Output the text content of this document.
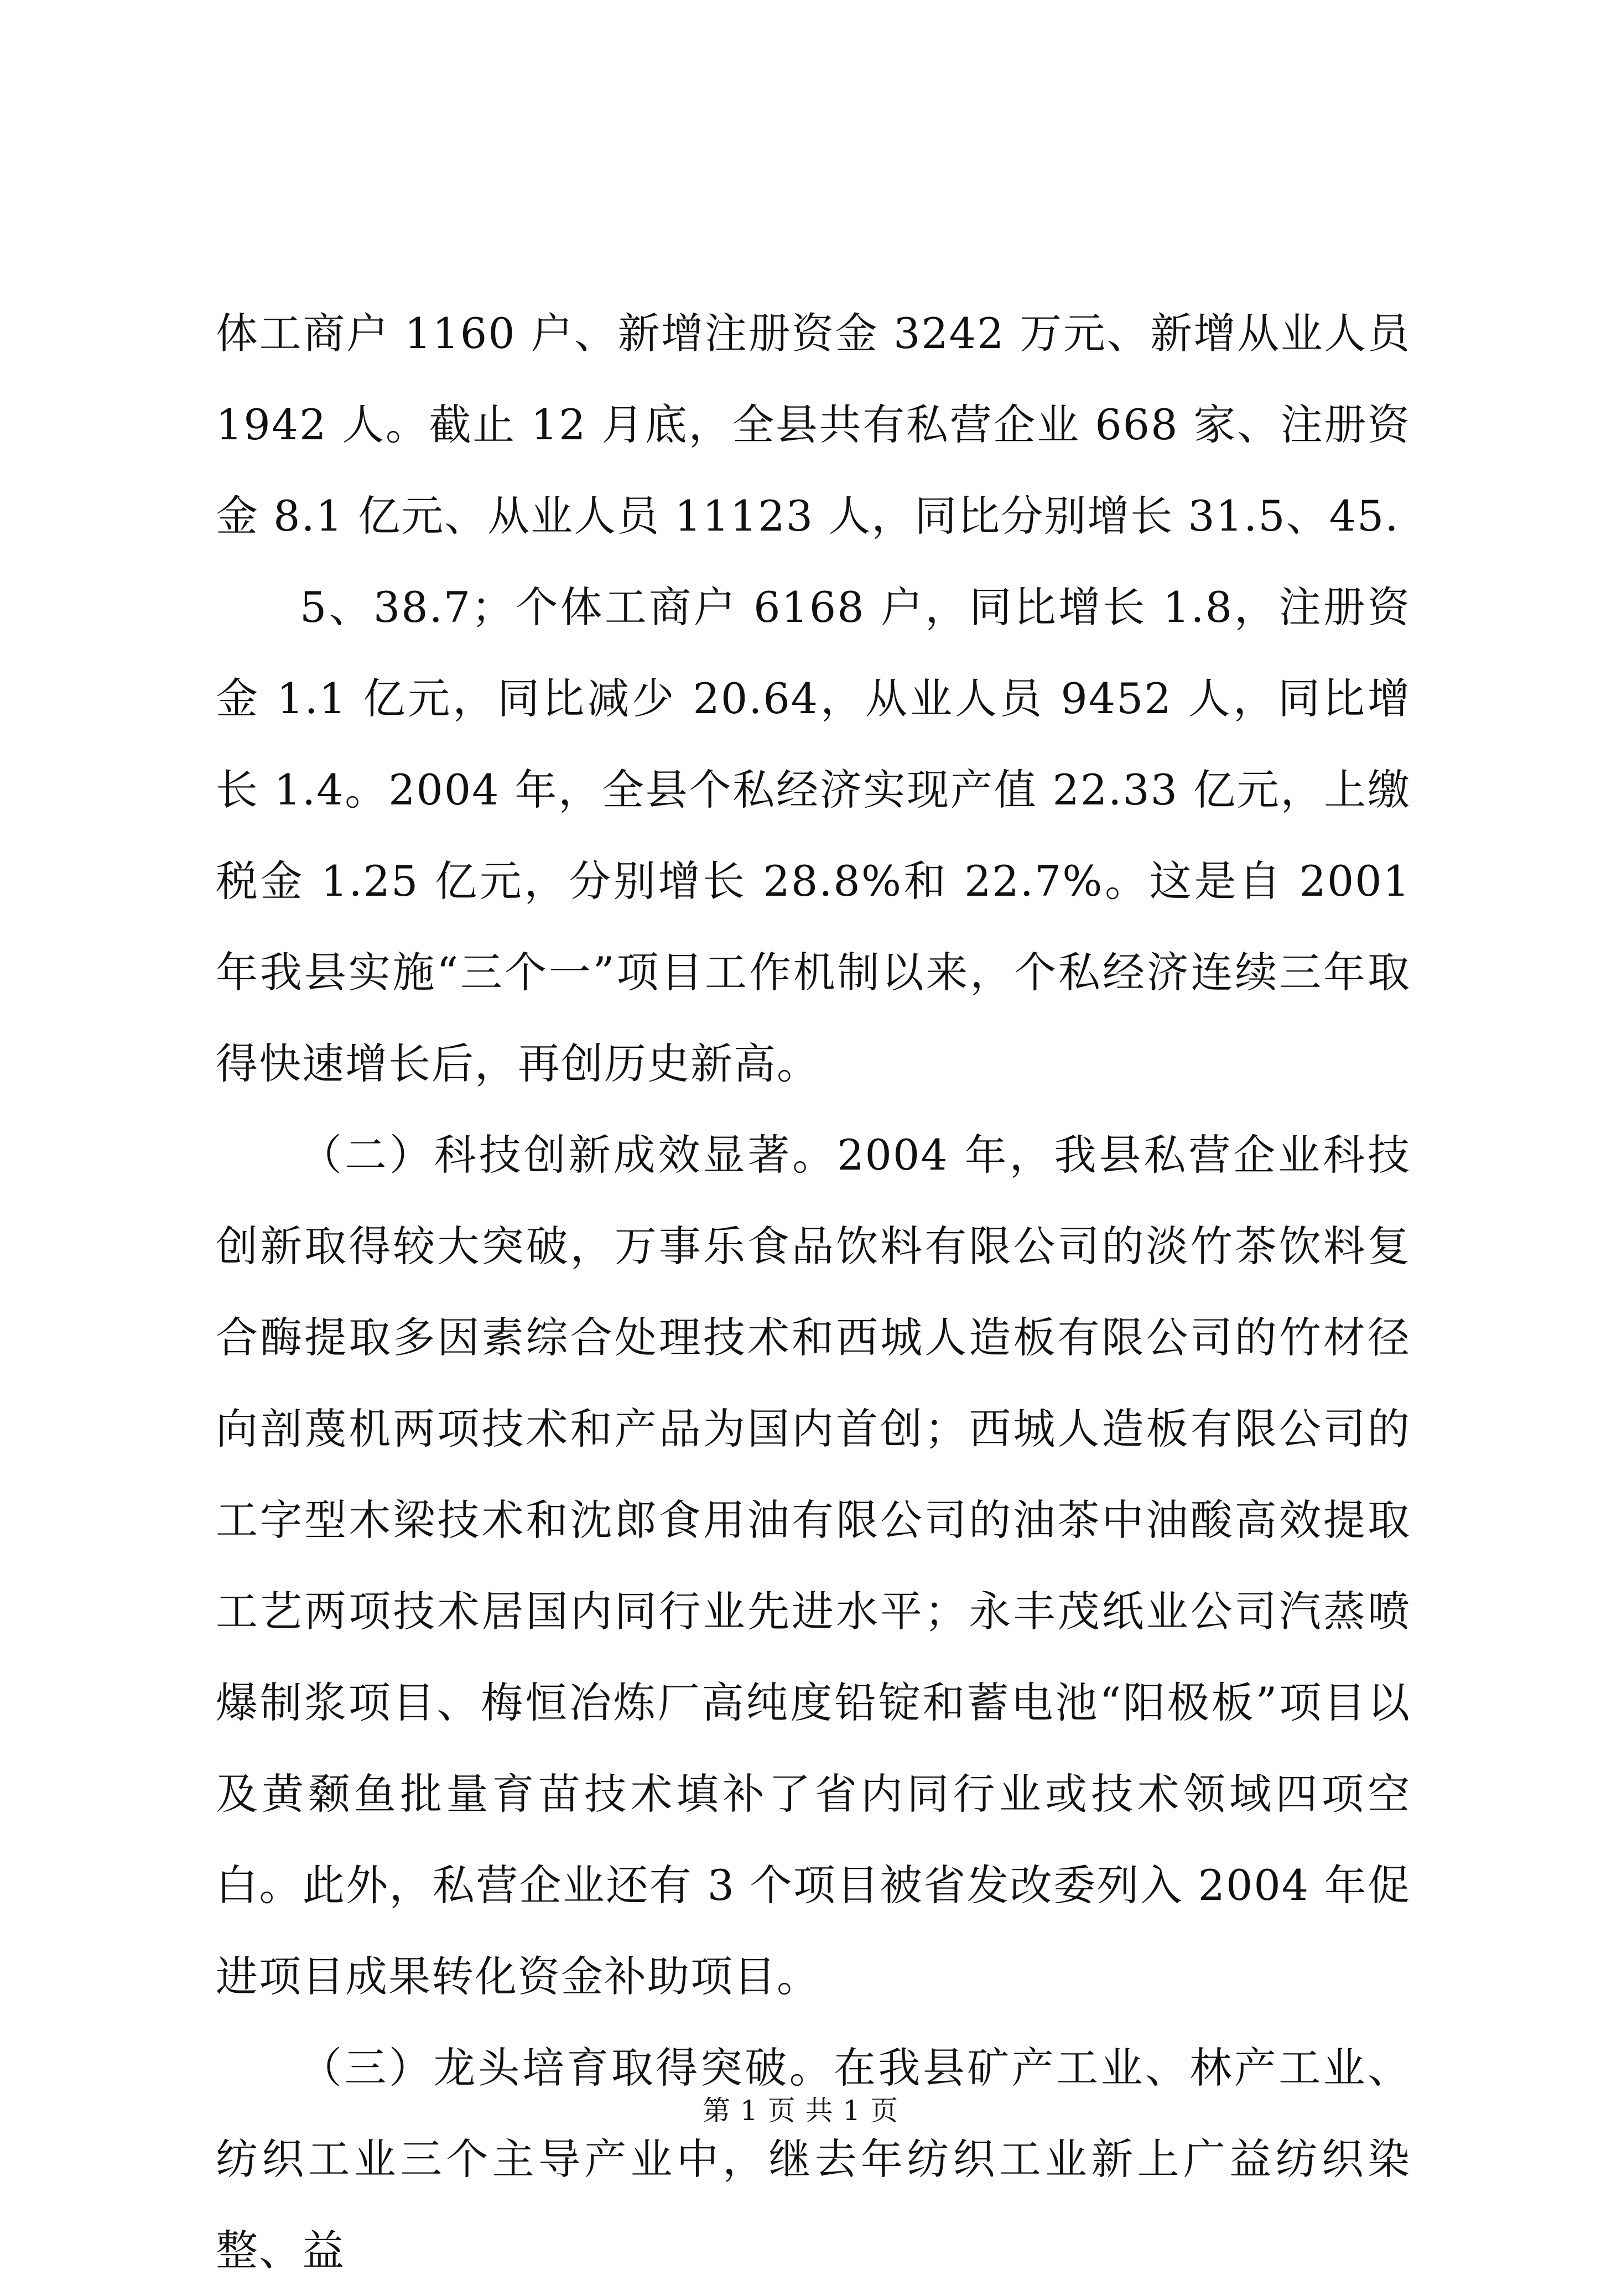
体工商户 1160 户、新增注册资金 3242 万元、新增从业人员 1942 人。截止 12 月底，全县共有私营企业 668 家、注册资金 8.1 亿元、从业人员 11123 人，同比分别增长 31.5、45.

5、38.7；个体工商户 6168 户，同比增长 1.8，注册资金 1.1 亿元，同比减少 20.64，从业人员 9452 人，同比增长 1.4。2004 年，全县个私经济实现产值 22.33 亿元，上缴税金 1.25 亿元，分别增长 28.8%和 22.7%。这是自 2001 年我县实施“三个一”项目工作机制以来，个私经济连续三年取得快速增长后，再创历史新高。

（二）科技创新成效显著。2004 年，我县私营企业科技创新取得较大突破，万事乐食品饮料有限公司的淡竹茶饮料复合酶提取多因素综合处理技术和西城人造板有限公司的竹材径向剖蔑机两项技术和产品为国内首创；西城人造板有限公司的工字型木梁技术和沈郎食用油有限公司的油茶中油酸高效提取工艺两项技术居国内同行业先进水平；永丰茂纸业公司汽蒸喷爆制浆项目、梅恒冶炼厂高纯度铅锭和蓄电池“阳极板”项目以及黄颡鱼批量育苗技术填补了省内同行业或技术领域四项空白。此外，私营企业还有 3 个项目被省发改委列入 2004 年促进项目成果转化资金补助项目。

（三）龙头培育取得突破。在我县矿产工业、林产工业、纺织工业三个主导产业中，继去年纺织工业新上广益纺织染整、益

第 1 页 共 1 页
